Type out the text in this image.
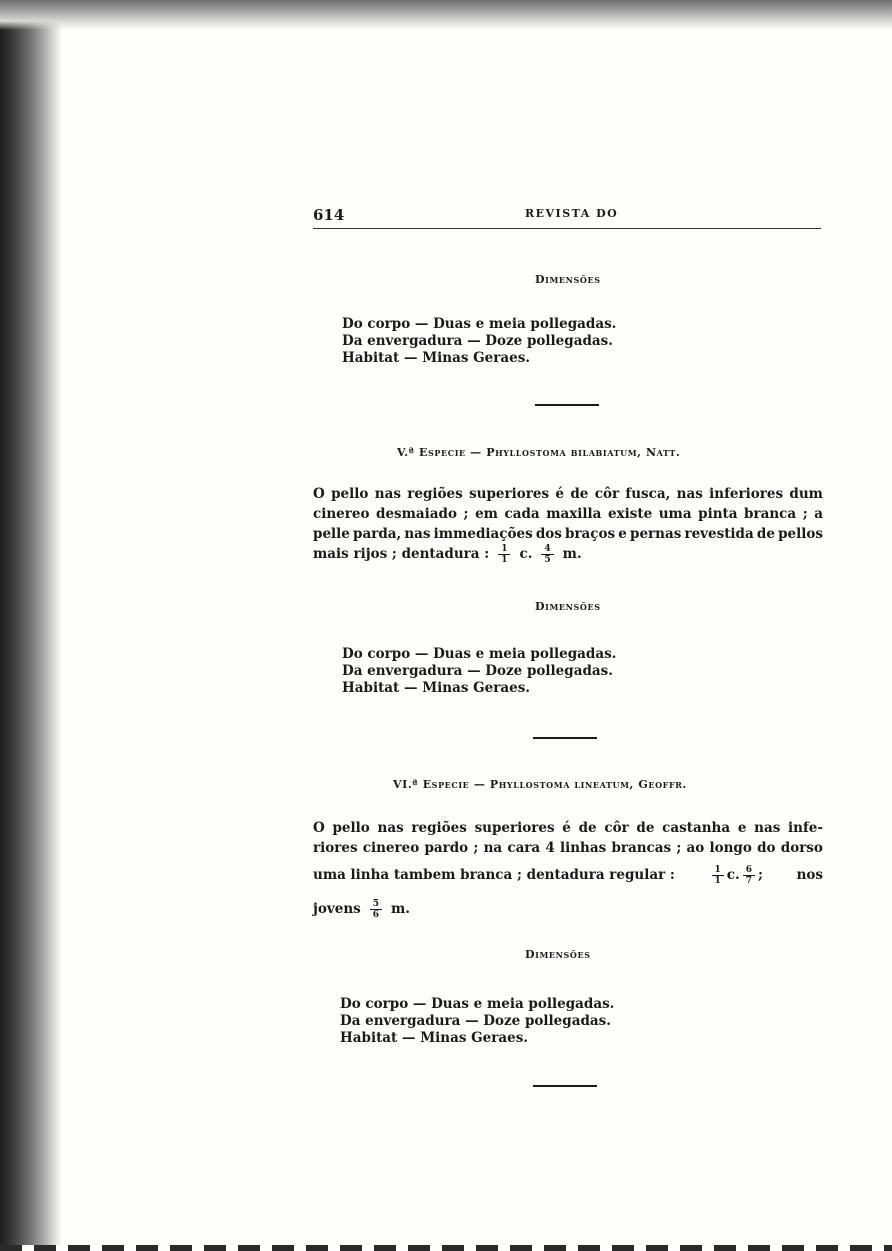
614	REVISTA DO
Dimensões
Do corpo — Duas e meia pollegadas.
Da envergadura — Doze pollegadas.
Habitat — Minas Geraes.
V.ª Especie — Phyllostoma bilabiatum, Natt.
O pello nas regiões superiores é de côr fusca, nas inferiores dum
cinereo desmaiado ; em cada maxilla existe uma pinta branca ; a
pelle parda, nas immediações dos braços e pernas revestida de pellos
mais rijos ; dentadura : $\frac{1}{1} c$. $\frac{4}{5} m$.
Dimensões
Do corpo — Duas e meia pollegadas.
Da envergadura — Doze pollegadas.
Habitat — Minas Geraes.
VI.ª Especie — Phyllostoma lineatum, Geoffr.
O pello nas regiões superiores é de côr de castanha e nas infe-
riores cinereo pardo ; na cara 4 linhas brancas ; ao longo do dorso
uma linha tambem branca ; dentadura regular :	$\frac{1}{1} c$. $\frac{6}{7}$ ; nos
jovens $\frac{5}{6} m$.
Dimensões
Do corpo — Duas e meia pollegadas.
Da envergadura — Doze pollegadas.
Habitat — Minas Geraes.
